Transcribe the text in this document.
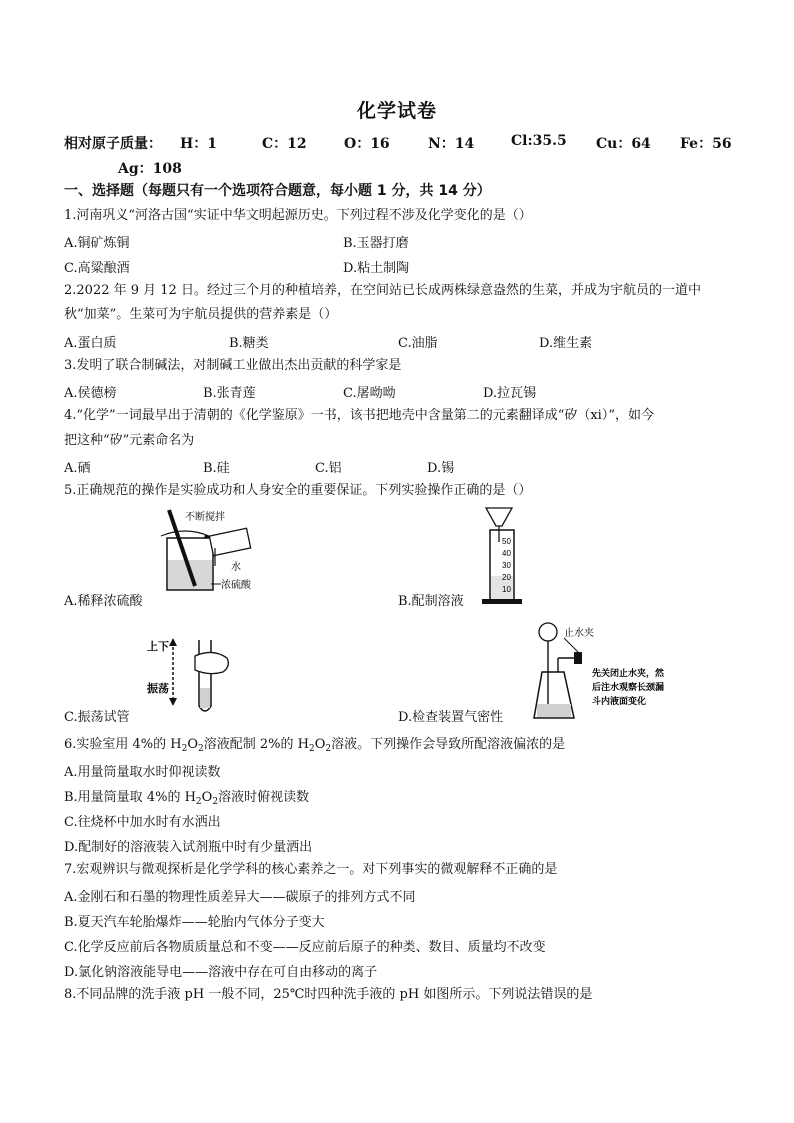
化学试卷
相对原子质量： H：1	C：12	O：16	N：14	Cl:35.5 Cu：64 Fe：56
Ag：108
一、选择题（每题只有一个选项符合题意，每小题 1 分，共 14 分）
1.河南巩义“河洛古国“实证中华文明起源历史。下列过程不涉及化学变化的是（）
A.铜矿炼铜	B.玉器打磨
C.高粱酿酒	D.粘土制陶
2.2022 年 9 月 12 日。经过三个月的种植培养，在空间站已长成两株绿意盎然的生菜，并成为宇航员的一道中
秋“加菜”。生菜可为宇航员提供的营养素是（）
A.蛋白质	B.糖类	C.油脂	D.维生素
3.发明了联合制碱法，对制碱工业做出杰出贡献的科学家是
A.侯德榜	B.张青莲	C.屠呦呦	D.拉瓦锡
4.“化学”一词最早出于清朝的《化学鉴原》一书，该书把地壳中含量第二的元素翻译成“矽（xi）”，如今
把这种“矽”元素命名为
A.硒	B.硅	C.铝	D.锡
5.正确规范的操作是实验成功和人身安全的重要保证。下列实验操作正确的是（）
不断搅拌
水
浓硫酸
A.稀释浓硫酸
50
40
30
20
10
B.配制溶液
上下
振荡
C.振荡试管
止水夹
先关闭止水夹，然
后注水观察长颈漏
斗内液面变化
D.检查装置气密性
6.实验室用 4%的 $H_2O_2$溶液配制 2%的 $H_2O_2$溶液。下列操作会导致所配溶液偏浓的是
A.用量筒量取水时仰视读数
B.用量筒量取 4%的 $H_2O_2$溶液时俯视读数
C.往烧杯中加水时有水洒出
D.配制好的溶液装入试剂瓶中时有少量洒出
7.宏观辨识与微观探析是化学学科的核心素养之一。对下列事实的微观解释不正确的是
A.金刚石和石墨的物理性质差异大——碳原子的排列方式不同
B.夏天汽车轮胎爆炸——轮胎内气体分子变大
C.化学反应前后各物质质量总和不变——反应前后原子的种类、数目、质量均不改变
D.氯化钠溶液能导电——溶液中存在可自由移动的离子
8.不同品牌的洗手液 pH 一般不同，25℃时四种洗手液的 pH 如图所示。下列说法错误的是
